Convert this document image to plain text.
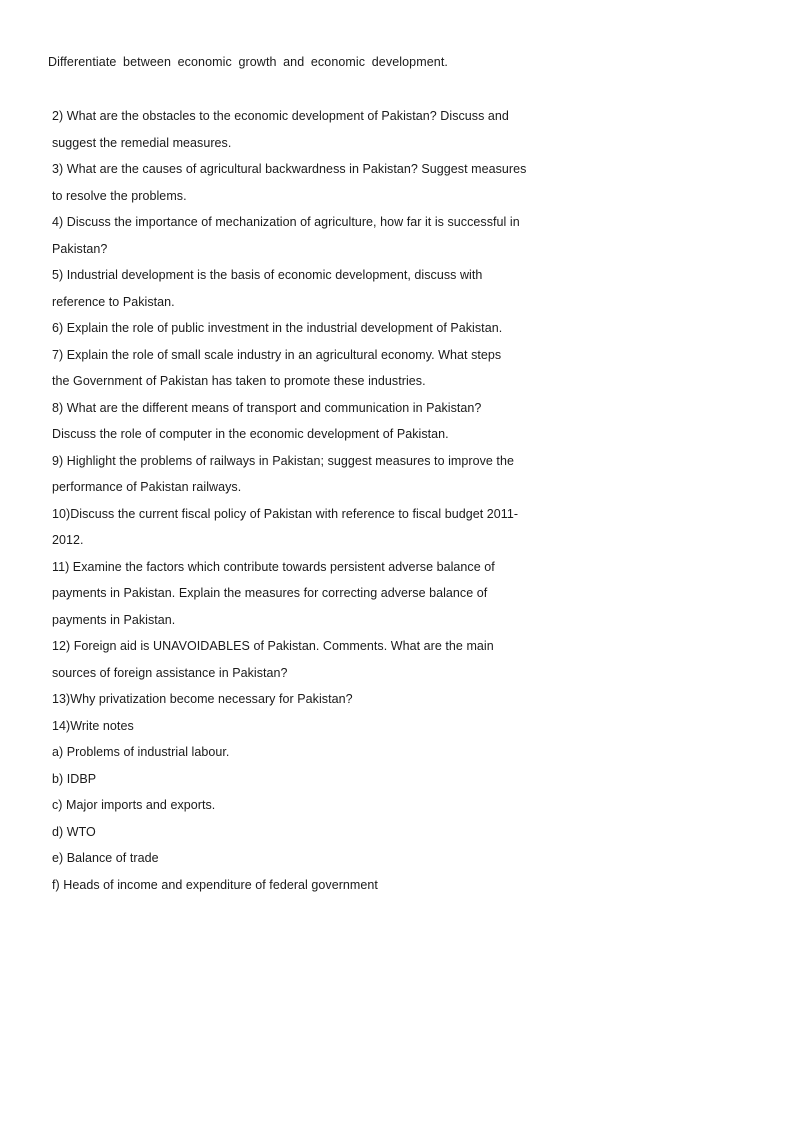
Differentiate between economic growth and economic development.
2) What are the obstacles to the economic development of Pakistan? Discuss and
suggest the remedial measures.
3) What are the causes of agricultural backwardness in Pakistan? Suggest measures
to resolve the problems.
4) Discuss the importance of mechanization of agriculture, how far it is successful in
Pakistan?
5) Industrial development is the basis of economic development, discuss with
reference to Pakistan.
6) Explain the role of public investment in the industrial development of Pakistan.
7) Explain the role of small scale industry in an agricultural economy. What steps
the Government of Pakistan has taken to promote these industries.
8) What are the different means of transport and communication in Pakistan?
Discuss the role of computer in the economic development of Pakistan.
9) Highlight the problems of railways in Pakistan; suggest measures to improve the
performance of Pakistan railways.
10)Discuss the current fiscal policy of Pakistan with reference to fiscal budget 2011-
2012.
11) Examine the factors which contribute towards persistent adverse balance of
payments in Pakistan. Explain the measures for correcting adverse balance of
payments in Pakistan.
12) Foreign aid is UNAVOIDABLES of Pakistan. Comments. What are the main
sources of foreign assistance in Pakistan?
13)Why privatization become necessary for Pakistan?
14)Write notes
a) Problems of industrial labour.
b) IDBP
c) Major imports and exports.
d) WTO
e) Balance of trade
f) Heads of income and expenditure of federal government
